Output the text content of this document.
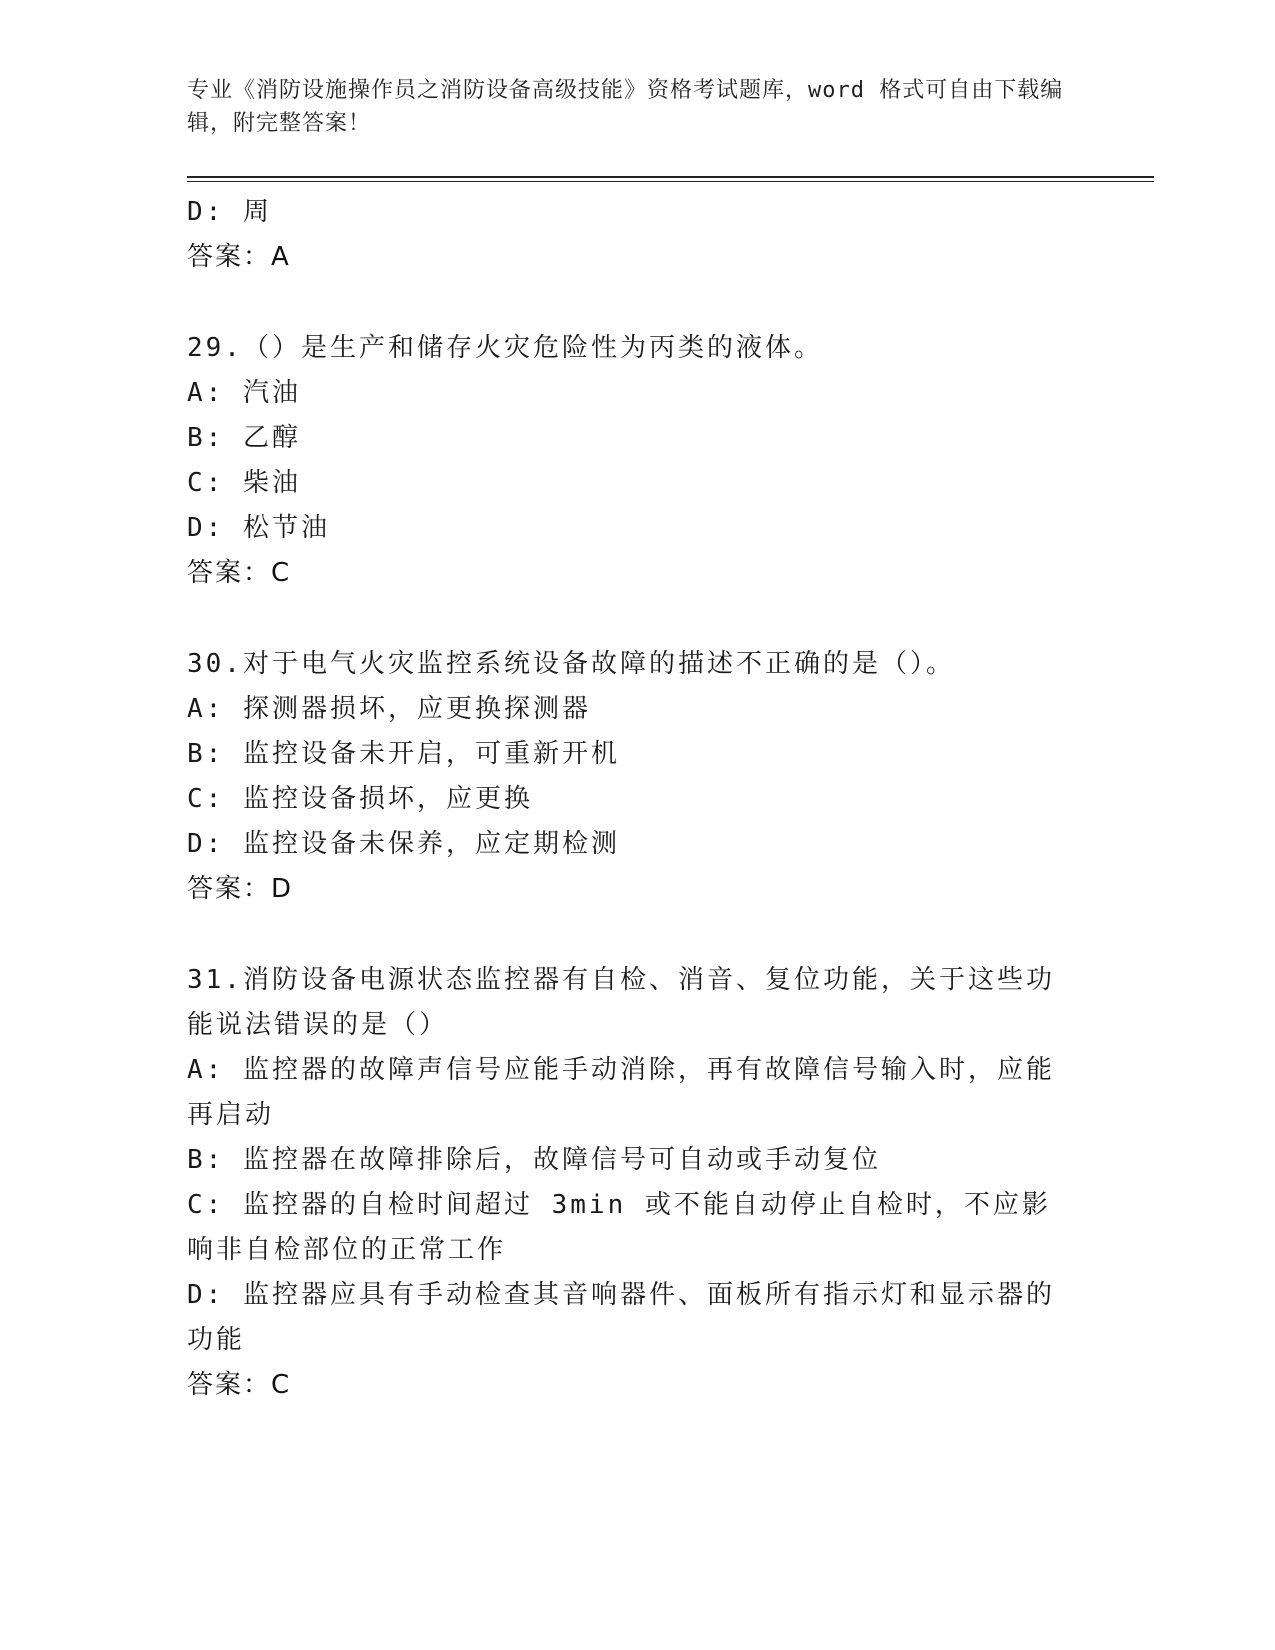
专业《消防设施操作员之消防设备高级技能》资格考试题库，word 格式可自由下载编辑，附完整答案！
D: 周
答案：A
29.（）是生产和储存火灾危险性为丙类的液体。
A: 汽油
B: 乙醇
C: 柴油
D: 松节油
答案：C
30.对于电气火灾监控系统设备故障的描述不正确的是（）。
A: 探测器损坏，应更换探测器
B: 监控设备未开启，可重新开机
C: 监控设备损坏，应更换
D: 监控设备未保养，应定期检测
答案：D
31.消防设备电源状态监控器有自检、消音、复位功能，关于这些功能说法错误的是（）
A: 监控器的故障声信号应能手动消除，再有故障信号输入时，应能再启动
B: 监控器在故障排除后，故障信号可自动或手动复位
C: 监控器的自检时间超过 3min 或不能自动停止自检时，不应影响非自检部位的正常工作
D: 监控器应具有手动检查其音响器件、面板所有指示灯和显示器的功能
答案：C
